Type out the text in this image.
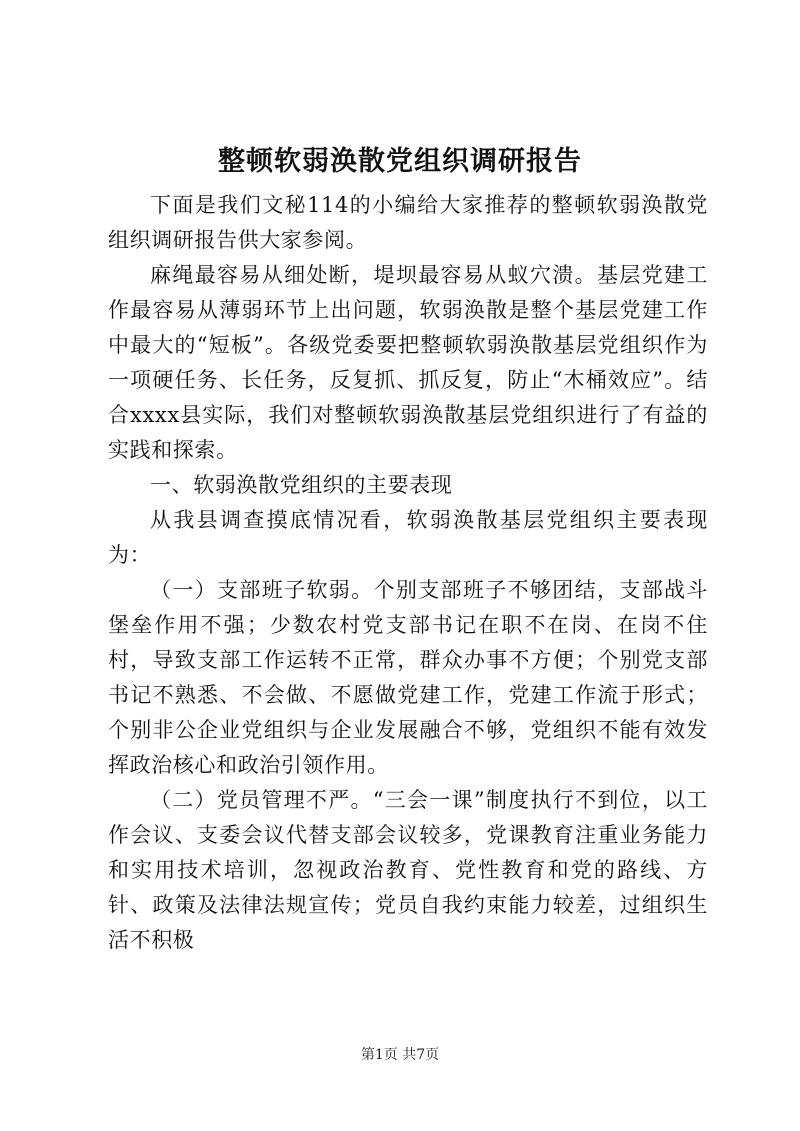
整顿软弱涣散党组织调研报告

下面是我们文秘114的小编给大家推荐的整顿软弱涣散党组织调研报告供大家参阅。

麻绳最容易从细处断，堤坝最容易从蚁穴溃。基层党建工作最容易从薄弱环节上出问题，软弱涣散是整个基层党建工作中最大的“短板”。各级党委要把整顿软弱涣散基层党组织作为一项硬任务、长任务，反复抓、抓反复，防止“木桶效应”。结合xxxx县实际，我们对整顿软弱涣散基层党组织进行了有益的实践和探索。

一、软弱涣散党组织的主要表现

从我县调查摸底情况看，软弱涣散基层党组织主要表现为：

（一）支部班子软弱。个别支部班子不够团结，支部战斗堡垒作用不强；少数农村党支部书记在职不在岗、在岗不住村，导致支部工作运转不正常，群众办事不方便；个别党支部书记不熟悉、不会做、不愿做党建工作，党建工作流于形式；个别非公企业党组织与企业发展融合不够，党组织不能有效发挥政治核心和政治引领作用。

（二）党员管理不严。“三会一课”制度执行不到位，以工作会议、支委会议代替支部会议较多，党课教育注重业务能力和实用技术培训，忽视政治教育、党性教育和党的路线、方针、政策及法律法规宣传；党员自我约束能力较差，过组织生活不积极

第1页 共7页
